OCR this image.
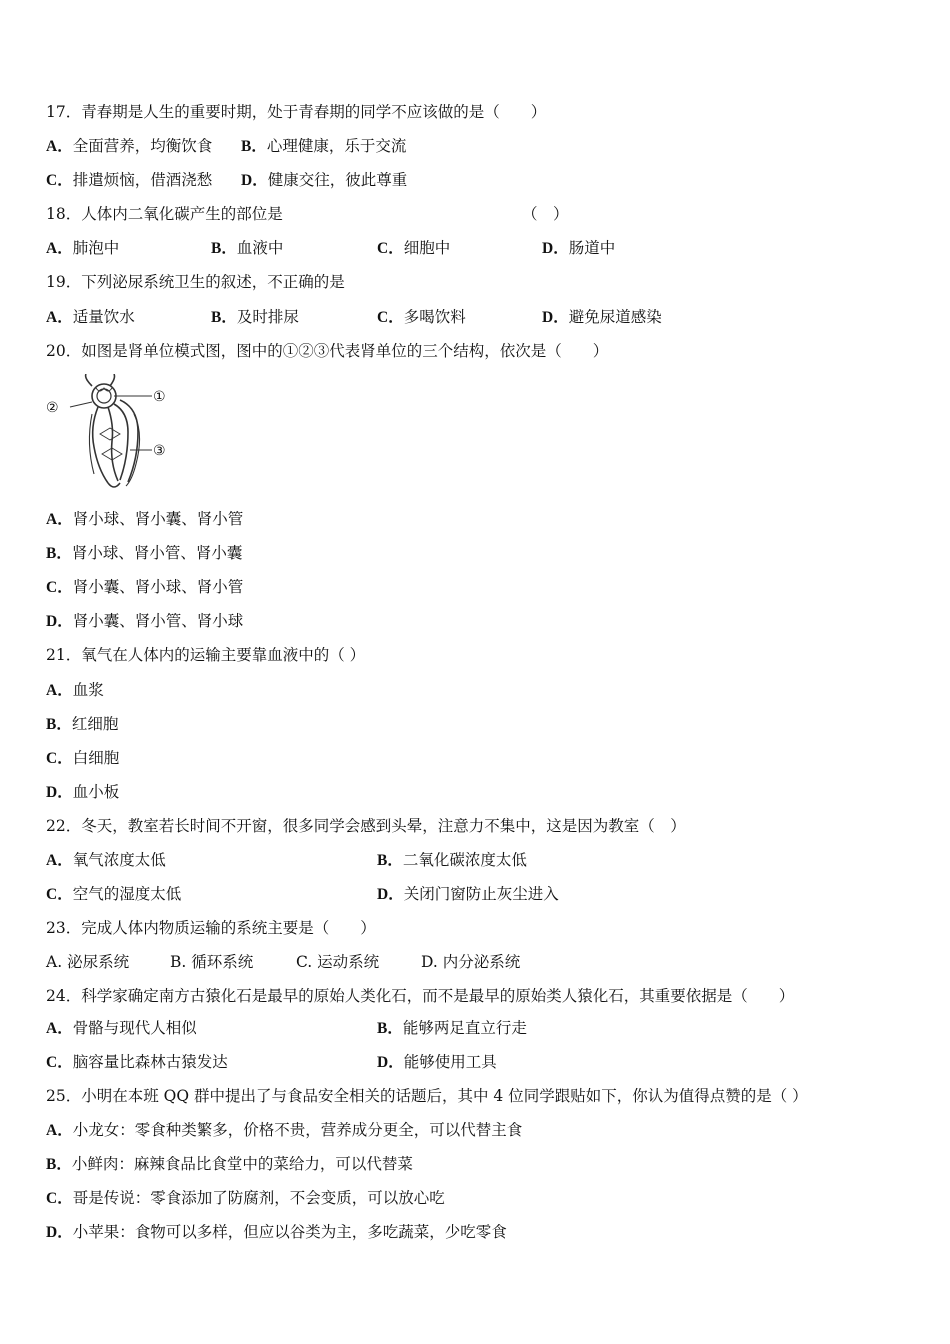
17．青春期是人生的重要时期，处于青春期的同学不应该做的是（　　）
A．全面营养，均衡饮食 B．心理健康，乐于交流
C．排遣烦恼，借酒浇愁 D．健康交往，彼此尊重
18．人体内二氧化碳产生的部位是	（　）
A．肺泡中	B．血液中	C．细胞中	D．肠道中
19．下列泌尿系统卫生的叙述，不正确的是
A．适量饮水	B．及时排尿	C．多喝饮料	D．避免尿道感染
20．如图是肾单位模式图，图中的①②③代表肾单位的三个结构，依次是（　　）
①
②
③
A．肾小球、肾小囊、肾小管
B．肾小球、肾小管、肾小囊
C．肾小囊、肾小球、肾小管
D．肾小囊、肾小管、肾小球
21．氧气在人体内的运输主要靠血液中的（ ）
A．血浆
B．红细胞
C．白细胞
D．血小板
22．冬天，教室若长时间不开窗，很多同学会感到头晕，注意力不集中，这是因为教室（　）
A．氧气浓度太低	B．二氧化碳浓度太低
C．空气的湿度太低	D．关闭门窗防止灰尘进入
23．完成人体内物质运输的系统主要是（　　）
A. 泌尿系统	B. 循环系统	C. 运动系统	D. 内分泌系统
24．科学家确定南方古猿化石是最早的原始人类化石，而不是最早的原始类人猿化石，其重要依据是（　　）
A．骨骼与现代人相似	B．能够两足直立行走
C．脑容量比森林古猿发达	D．能够使用工具
25．小明在本班 QQ 群中提出了与食品安全相关的话题后，其中 4 位同学跟贴如下，你认为值得点赞的是（ ）
A．小龙女：零食种类繁多，价格不贵，营养成分更全，可以代替主食
B．小鲜肉：麻辣食品比食堂中的菜给力，可以代替菜
C．哥是传说：零食添加了防腐剂，不会变质，可以放心吃
D．小苹果：食物可以多样，但应以谷类为主，多吃蔬菜，少吃零食
